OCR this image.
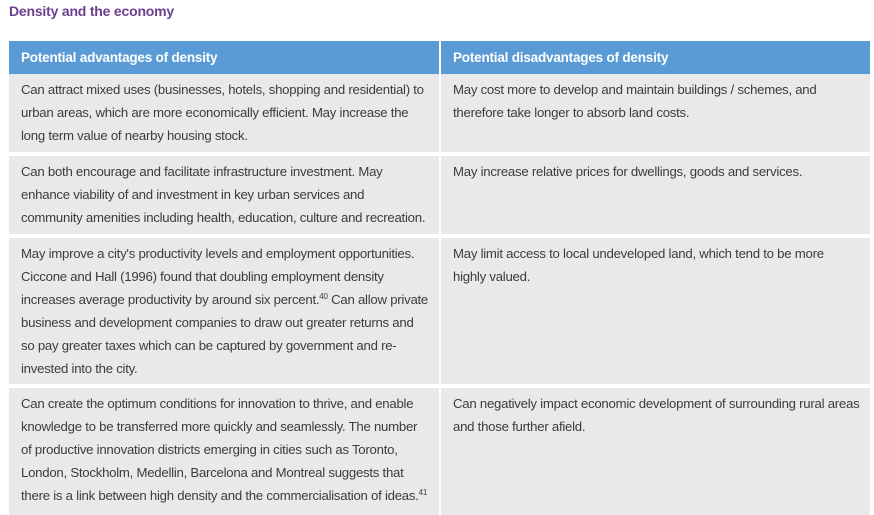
Density and the economy
Potential advantages of density	Potential disadvantages of density
Can attract mixed uses (businesses, hotels, shopping and residential) to urban areas, which are more economically efficient. May increase the long term value of nearby housing stock.	May cost more to develop and maintain buildings / schemes, and therefore take longer to absorb land costs.
Can both encourage and facilitate infrastructure investment. May enhance viability of and investment in key urban services and community amenities including health, education, culture and recreation.	May increase relative prices for dwellings, goods and services.
May improve a city's productivity levels and employment opportunities. Ciccone and Hall (1996) found that doubling employment density increases average productivity by around six percent.$^{40}$ Can allow private business and development companies to draw out greater returns and so pay greater taxes which can be captured by government and re-invested into the city.	May limit access to local undeveloped land, which tend to be more highly valued.
Can create the optimum conditions for innovation to thrive, and enable knowledge to be transferred more quickly and seamlessly. The number of productive innovation districts emerging in cities such as Toronto, London, Stockholm, Medellin, Barcelona and Montreal suggests that there is a link between high density and the commercialisation of ideas.$^{41}$	Can negatively impact economic development of surrounding rural areas and those further afield.
